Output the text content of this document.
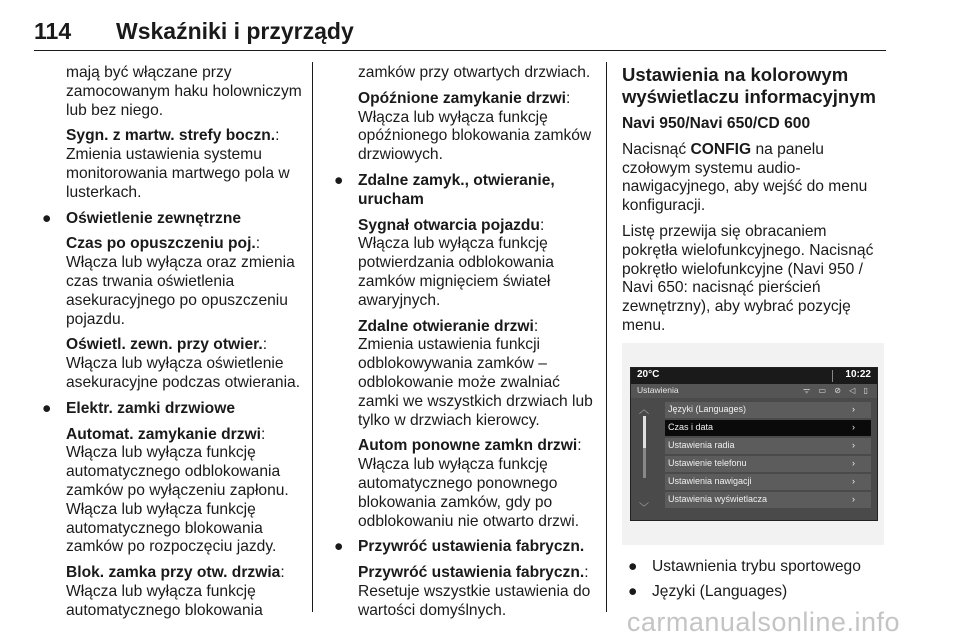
114 Wskaźniki i przyrządy

mają być włączane przy zamocowanym haku holowniczym lub bez niego.

Sygn. z martw. strefy boczn.: Zmienia ustawienia systemu monitorowania martwego pola w lusterkach.

● Oświetlenie zewnętrzne

Czas po opuszczeniu poj.: Włącza lub wyłącza oraz zmienia czas trwania oświetlenia asekuracyjnego po opuszczeniu pojazdu.

Oświetl. zewn. przy otwier.: Włącza lub wyłącza oświetlenie asekuracyjne podczas otwierania.

● Elektr. zamki drzwiowe

Automat. zamykanie drzwi: Włącza lub wyłącza funkcję automatycznego odblokowania zamków po wyłączeniu zapłonu. Włącza lub wyłącza funkcję automatycznego blokowania zamków po rozpoczęciu jazdy.

Blok. zamka przy otw. drzwia: Włącza lub wyłącza funkcję automatycznego blokowania

zamków przy otwartych drzwiach.

Opóźnione zamykanie drzwi: Włącza lub wyłącza funkcję opóźnionego blokowania zamków drzwiowych.

● Zdalne zamyk., otwieranie, urucham

Sygnał otwarcia pojazdu: Włącza lub wyłącza funkcję potwierdzania odblokowania zamków mignięciem świateł awaryjnych.

Zdalne otwieranie drzwi: Zmienia ustawienia funkcji odblokowywania zamków – odblokowanie może zwalniać zamki we wszystkich drzwiach lub tylko w drzwiach kierowcy.

Autom ponowne zamkn drzwi: Włącza lub wyłącza funkcję automatycznego ponownego blokowania zamków, gdy po odblokowaniu nie otwarto drzwi.

● Przywróć ustawienia fabryczn.

Przywróć ustawienia fabryczn.: Resetuje wszystkie ustawienia do wartości domyślnych.

Ustawienia na kolorowym wyświetlaczu informacyjnym

Navi 950/Navi 650/CD 600

Nacisnąć CONFIG na panelu czołowym systemu audio-nawigacyjnego, aby wejść do menu konfiguracji.

Listę przewija się obracaniem pokrętła wielofunkcyjnego. Nacisnąć pokrętło wielofunkcyjne (Navi 950 / Navi 650: nacisnąć pierścień zewnętrzny), aby wybrać pozycję menu.

20°C	10:22
Ustawienia	ᯤ ▭ ⊘ ◁ ▯
︿
﹀
Języki (Languages)	›
Czas i data	›
Ustawienia radia	›
Ustawienie telefonu	›
Ustawienia nawigacji	›
Ustawienia wyświetlacza	›

● Ustawnienia trybu sportowego

● Języki (Languages)

carmanualsonline.info
